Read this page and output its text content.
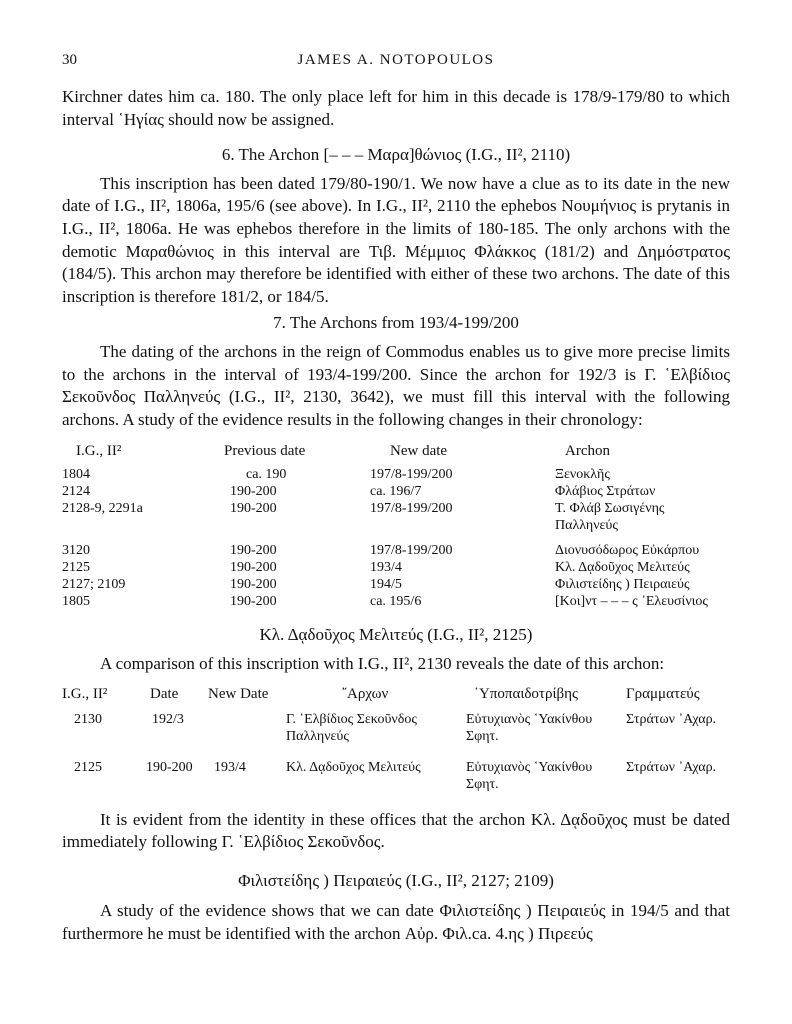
30	JAMES A. NOTOPOULOS

Kirchner dates him ca. 180. The only place left for him in this decade is 178/9-179/80 to which interval ῾Ηγίας should now be assigned.

6. The Archon [– – – Μαρα]θώνιος (I.G., II², 2110)

This inscription has been dated 179/80-190/1. We now have a clue as to its date in the new date of I.G., II², 1806a, 195/6 (see above). In I.G., II², 2110 the ephebos Νουμήνιος is prytanis in I.G., II², 1806a. He was ephebos therefore in the limits of 180-185. The only archons with the demotic Μαραθώνιος in this interval are Τιβ. Μέμμιος Φλάκκος (181/2) and Δημόστρατος (184/5). This archon may therefore be identified with either of these two archons. The date of this inscription is therefore 181/2, or 184/5.

7. The Archons from 193/4-199/200

The dating of the archons in the reign of Commodus enables us to give more precise limits to the archons in the interval of 193/4-199/200. Since the archon for 192/3 is Γ. ῾Ελβίδιος Σεκοῦνδος Παλληνεύς (I.G., II², 2130, 3642), we must fill this interval with the following archons. A study of the evidence results in the following changes in their chronology:

I.G., II²	Previous date	New date	Archon
1804	ca. 190	197/8-199/200	Ξενοκλῆς
2124	190-200	ca. 196/7	Φλάβιος Στράτων
2128-9, 2291a	190-200	197/8-199/200	Τ. Φλάβ Σωσιγένης Παλληνεύς
3120	190-200	197/8-199/200	Διονυσόδωρος Εὐκάρπου
2125	190-200	193/4	Κλ. Δᾳδοῦχος Μελιτεύς
2127; 2109	190-200	194/5	Φιλιστείδης ) Πειραιεύς
1805	190-200	ca. 195/6	[Κοι]ντ – – – ς ᾿Ελευσίνιος

Κλ. Δᾳδοῦχος Μελιτεύς (I.G., II², 2125)

A comparison of this inscription with I.G., II², 2130 reveals the date of this archon:

I.G., II²	Date	New Date	῎Αρχων	῾Υποπαιδοτρίβης	Γραμματεύς
2130	192/3		Γ. ῾Ελβίδιος Σεκοῦνδος Παλληνεύς	Εὐτυχιανὸς ῾Υακίνθου Σφητ.	Στράτων ᾿Αχαρ.
2125	190-200	193/4	Κλ. Δᾳδοῦχος Μελιτεύς	Εὐτυχιανὸς ῾Υακίνθου Σφητ.	Στράτων ᾿Αχαρ.

It is evident from the identity in these offices that the archon Κλ. Δᾳδοῦχος must be dated immediately following Γ. ῾Ελβίδιος Σεκοῦνδος.

Φιλιστείδης ) Πειραιεύς (I.G., II², 2127; 2109)

A study of the evidence shows that we can date Φιλιστείδης ) Πειραιεύς in 194/5 and that furthermore he must be identified with the archon Αὐρ. Φιλ.ca. 4.ης ) Πιρεεύς
